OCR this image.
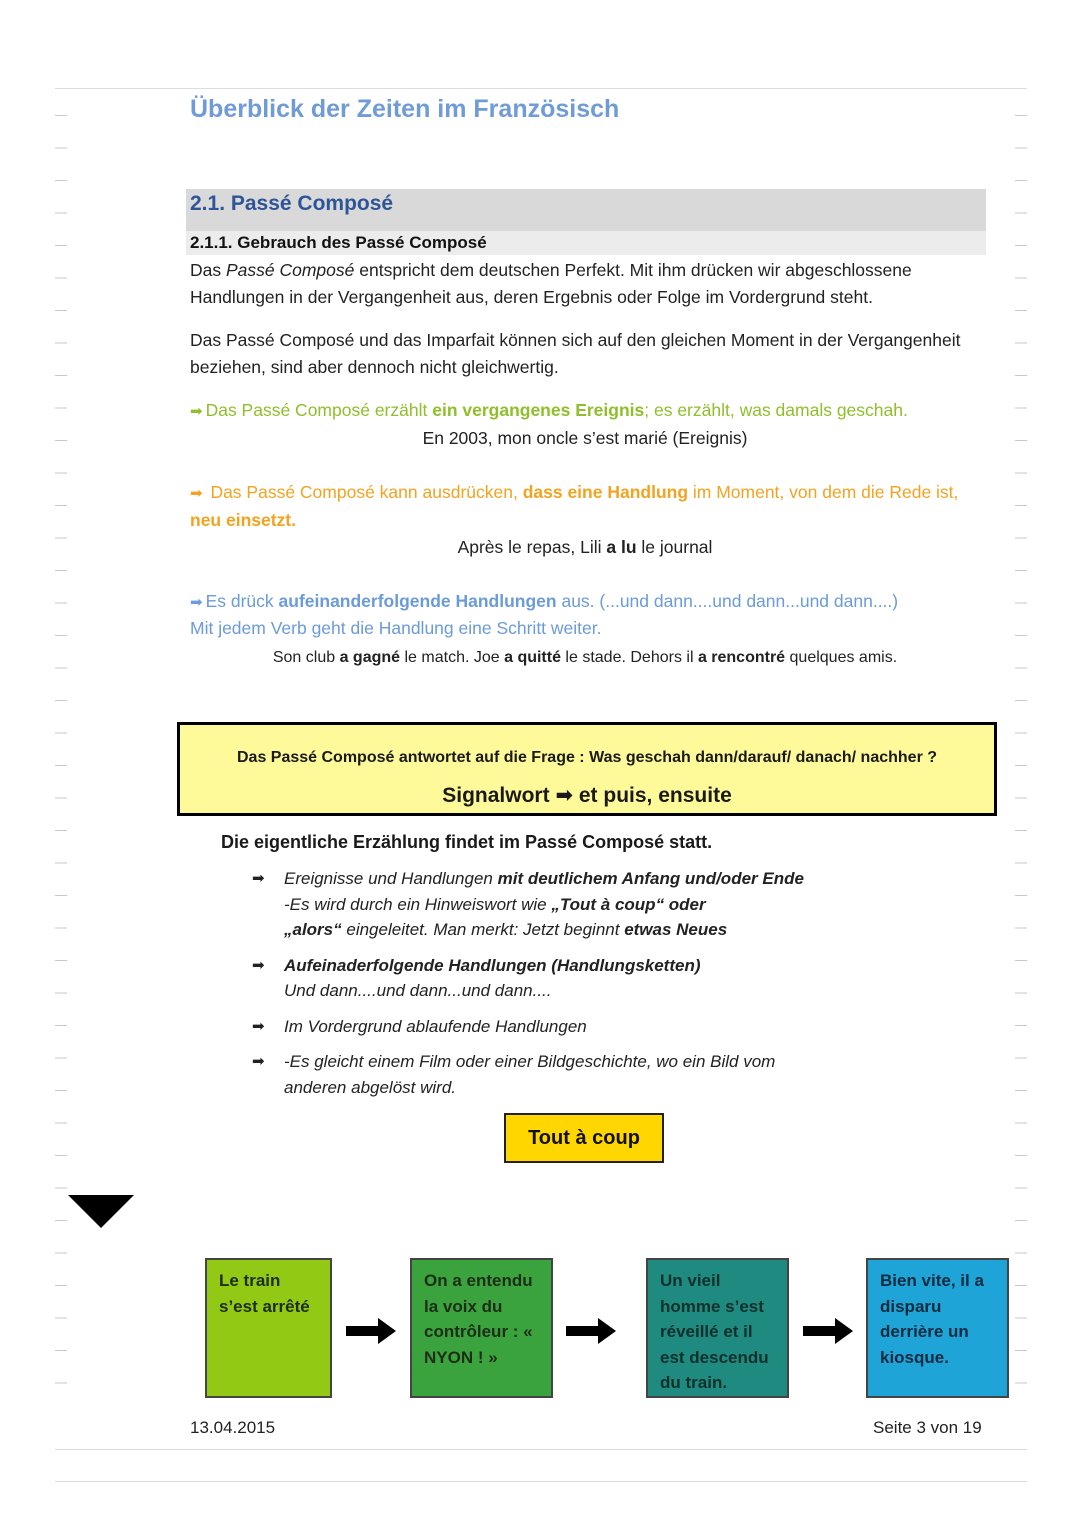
Überblick der Zeiten im Französisch
2.1. Passé Composé
2.1.1. Gebrauch des Passé Composé
Das Passé Composé entspricht dem deutschen Perfekt. Mit ihm drücken wir abgeschlossene Handlungen in der Vergangenheit aus, deren Ergebnis oder Folge im Vordergrund steht.
Das Passé Composé und das Imparfait können sich auf den gleichen Moment in der Vergangenheit beziehen, sind aber dennoch nicht gleichwertig.
➡ Das Passé Composé erzählt ein vergangenes Ereignis; es erzählt, was damals geschah.
En 2003, mon oncle s’est marié (Ereignis)
➡ Das Passé Composé kann ausdrücken, dass eine Handlung im Moment, von dem die Rede ist, neu einsetzt.
Après le repas, Lili a lu le journal
➡ Es drück aufeinanderfolgende Handlungen aus. (...und dann....und dann...und dann....)
Mit jedem Verb geht die Handlung eine Schritt weiter.
Son club a gagné le match. Joe a quitté le stade. Dehors il a rencontré quelques amis.
Das Passé Composé antwortet auf die Frage : Was geschah dann/darauf/ danach/ nachher ?
Signalwort ➡ et puis, ensuite
Die eigentliche Erzählung findet im Passé Composé statt.
➡ Ereignisse und Handlungen mit deutlichem Anfang und/oder Ende
-Es wird durch ein Hinweiswort wie „Tout à coup“ oder
„alors“ eingeleitet. Man merkt: Jetzt beginnt etwas Neues
➡ Aufeinaderfolgende Handlungen (Handlungsketten)
Und dann....und dann...und dann....
➡ Im Vordergrund ablaufende Handlungen
➡ -Es gleicht einem Film oder einer Bildgeschichte, wo ein Bild vom anderen abgelöst wird.
Tout à coup
Le train s’est arrêté
On a entendu la voix du contrôleur : « NYON ! »
Un vieil homme s’est réveillé et il est descendu du train.
Bien vite, il a disparu derrière un kiosque.
13.04.2015	Seite 3 von 19
